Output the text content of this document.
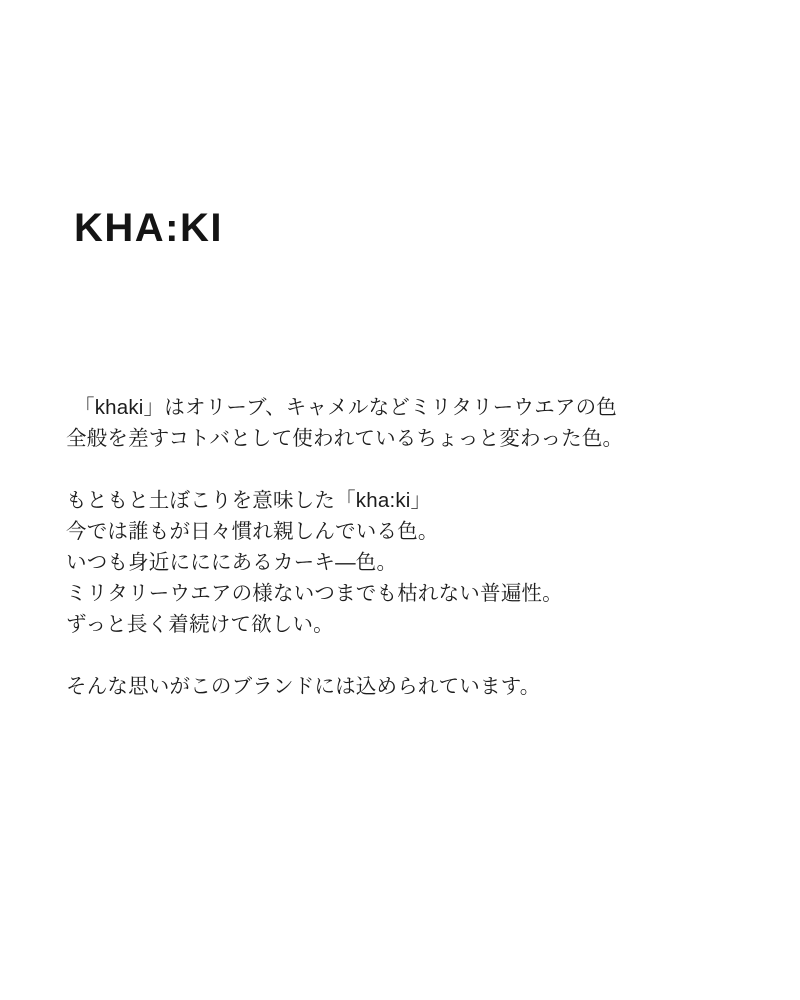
KHA:KI

「khaki」はオリーブ、キャメルなどミリタリーウエアの色
全般を差すコトバとして使われているちょっと変わった色。

もともと土ぼこりを意味した「kha:ki」
今では誰もが日々慣れ親しんでいる色。
いつも身近にににあるカーキ―色。
ミリタリーウエアの様ないつまでも枯れない普遍性。
ずっと長く着続けて欲しい。

そんな思いがこのブランドには込められています。
